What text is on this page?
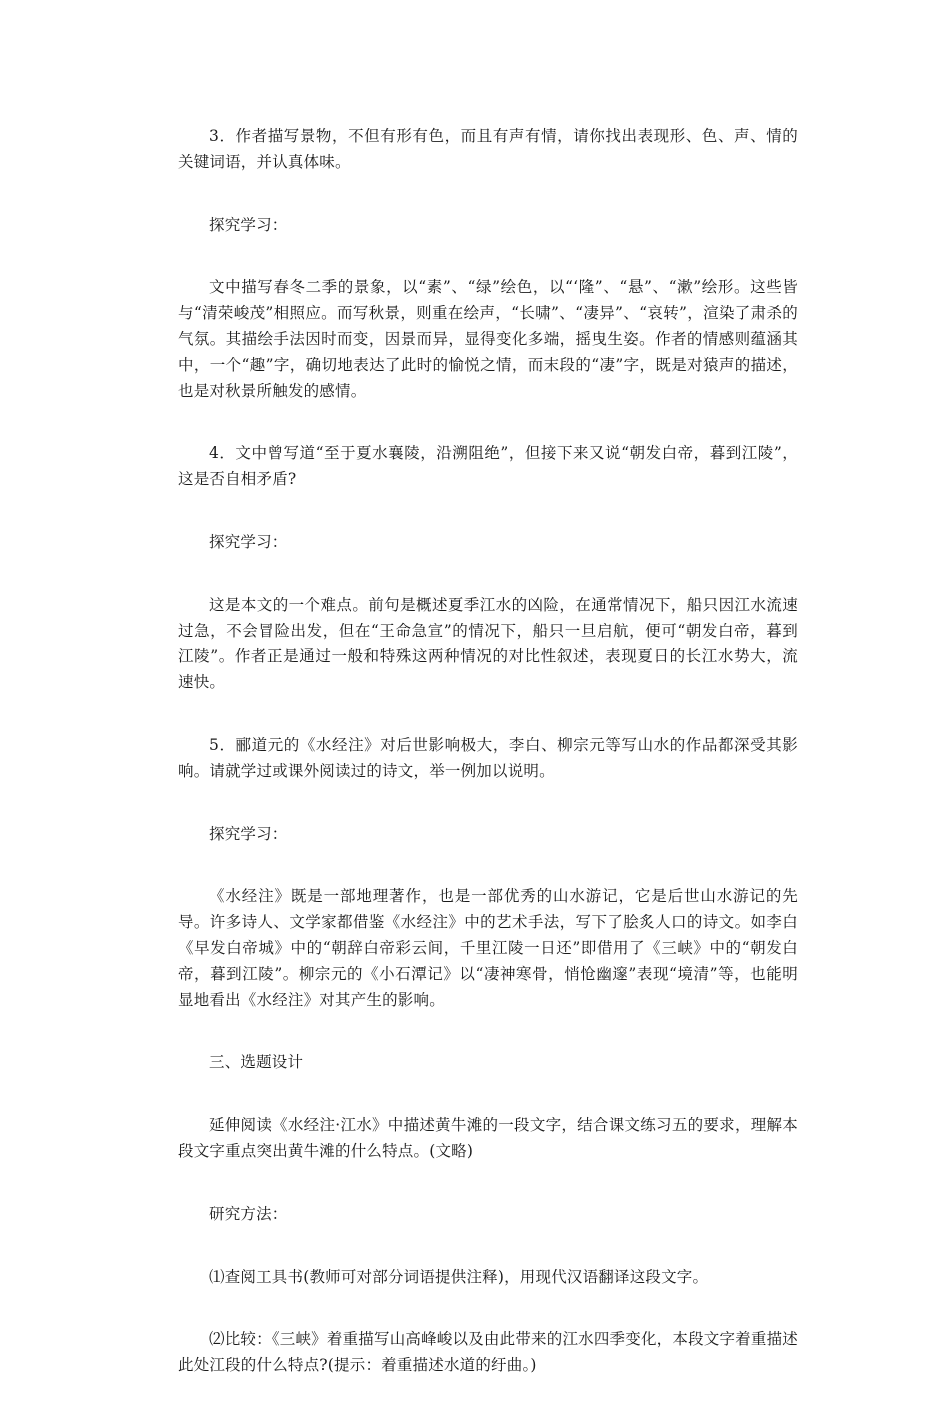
3．作者描写景物，不但有形有色，而且有声有情，请你找出表现形、色、声、情的关键词语，并认真体味。

探究学习：

文中描写春冬二季的景象，以“素”、“绿”绘色，以“‘隆”、“悬”、“漱”绘形。这些皆与“清荣峻茂”相照应。而写秋景，则重在绘声，“长啸”、“凄异”、“哀转”，渲染了肃杀的气氛。其描绘手法因时而变，因景而异，显得变化多端，摇曳生姿。作者的情感则蕴涵其中，一个“趣”字，确切地表达了此时的愉悦之情，而末段的“凄”字，既是对猿声的描述，也是对秋景所触发的感情。

4．文中曾写道“至于夏水襄陵，沿溯阻绝”，但接下来又说“朝发白帝，暮到江陵”，这是否自相矛盾?

探究学习：

这是本文的一个难点。前句是概述夏季江水的凶险，在通常情况下，船只因江水流速过急，不会冒险出发，但在“王命急宣”的情况下，船只一旦启航，便可“朝发白帝，暮到江陵”。作者正是通过一般和特殊这两种情况的对比性叙述，表现夏日的长江水势大，流速快。

5．郦道元的《水经注》对后世影响极大，李白、柳宗元等写山水的作品都深受其影响。请就学过或课外阅读过的诗文，举一例加以说明。

探究学习：

《水经注》既是一部地理著作，也是一部优秀的山水游记，它是后世山水游记的先导。许多诗人、文学家都借鉴《水经注》中的艺术手法，写下了脍炙人口的诗文。如李白《早发白帝城》中的“朝辞白帝彩云间，千里江陵一日还”即借用了《三峡》中的“朝发白帝，暮到江陵”。柳宗元的《小石潭记》以“凄神寒骨，悄怆幽邃”表现“境清”等，也能明显地看出《水经注》对其产生的影响。

三、选题设计

延伸阅读《水经注·江水》中描述黄牛滩的一段文字，结合课文练习五的要求，理解本段文字重点突出黄牛滩的什么特点。(文略)

研究方法：

⑴查阅工具书(教师可对部分词语提供注释)，用现代汉语翻译这段文字。

⑵比较：《三峡》着重描写山高峰峻以及由此带来的江水四季变化，本段文字着重描述此处江段的什么特点?(提示：着重描述水道的纡曲。)
